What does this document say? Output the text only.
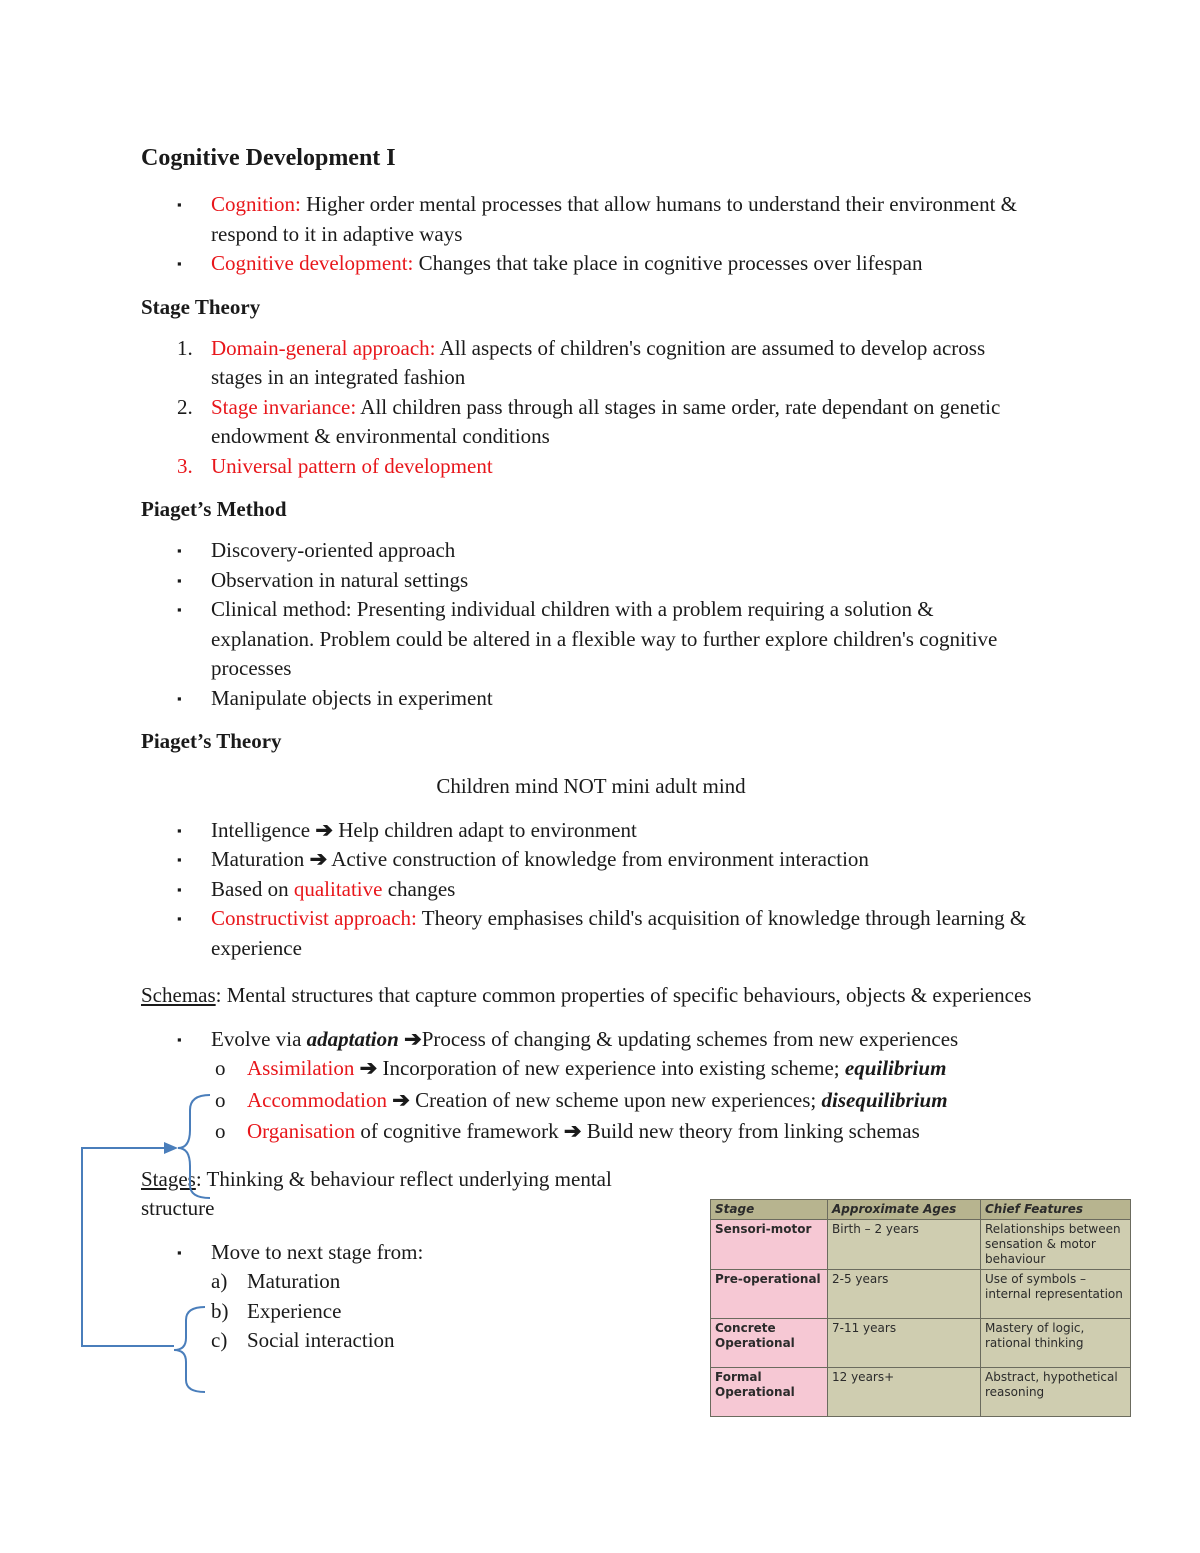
Cognitive Development I
▪ Cognition: Higher order mental processes that allow humans to understand their environment & respond to it in adaptive ways
▪ Cognitive development: Changes that take place in cognitive processes over lifespan
Stage Theory
1. Domain-general approach: All aspects of children's cognition are assumed to develop across stages in an integrated fashion
2. Stage invariance: All children pass through all stages in same order, rate dependant on genetic endowment & environmental conditions
3. Universal pattern of development
Piaget’s Method
▪ Discovery-oriented approach
▪ Observation in natural settings
▪ Clinical method: Presenting individual children with a problem requiring a solution & explanation. Problem could be altered in a flexible way to further explore children's cognitive processes
▪ Manipulate objects in experiment
Piaget’s Theory
Children mind NOT mini adult mind
▪ Intelligence ➔ Help children adapt to environment
▪ Maturation ➔ Active construction of knowledge from environment interaction
▪ Based on qualitative changes
▪ Constructivist approach: Theory emphasises child's acquisition of knowledge through learning & experience
Schemas: Mental structures that capture common properties of specific behaviours, objects & experiences
▪ Evolve via adaptation ➔Process of changing & updating schemes from new experiences
o Assimilation ➔ Incorporation of new experience into existing scheme; equilibrium
o Accommodation ➔ Creation of new scheme upon new experiences; disequilibrium
o Organisation of cognitive framework ➔ Build new theory from linking schemas
Stages: Thinking & behaviour reflect underlying mental structure
▪ Move to next stage from:
a) Maturation
b) Experience
c) Social interaction
Stage	Approximate Ages	Chief Features
Sensori-motor	Birth – 2 years	Relationships between sensation & motor behaviour
Pre-operational	2-5 years	Use of symbols – internal representation
Concrete Operational	7-11 years	Mastery of logic, rational thinking
Formal Operational	12 years+	Abstract, hypothetical reasoning
